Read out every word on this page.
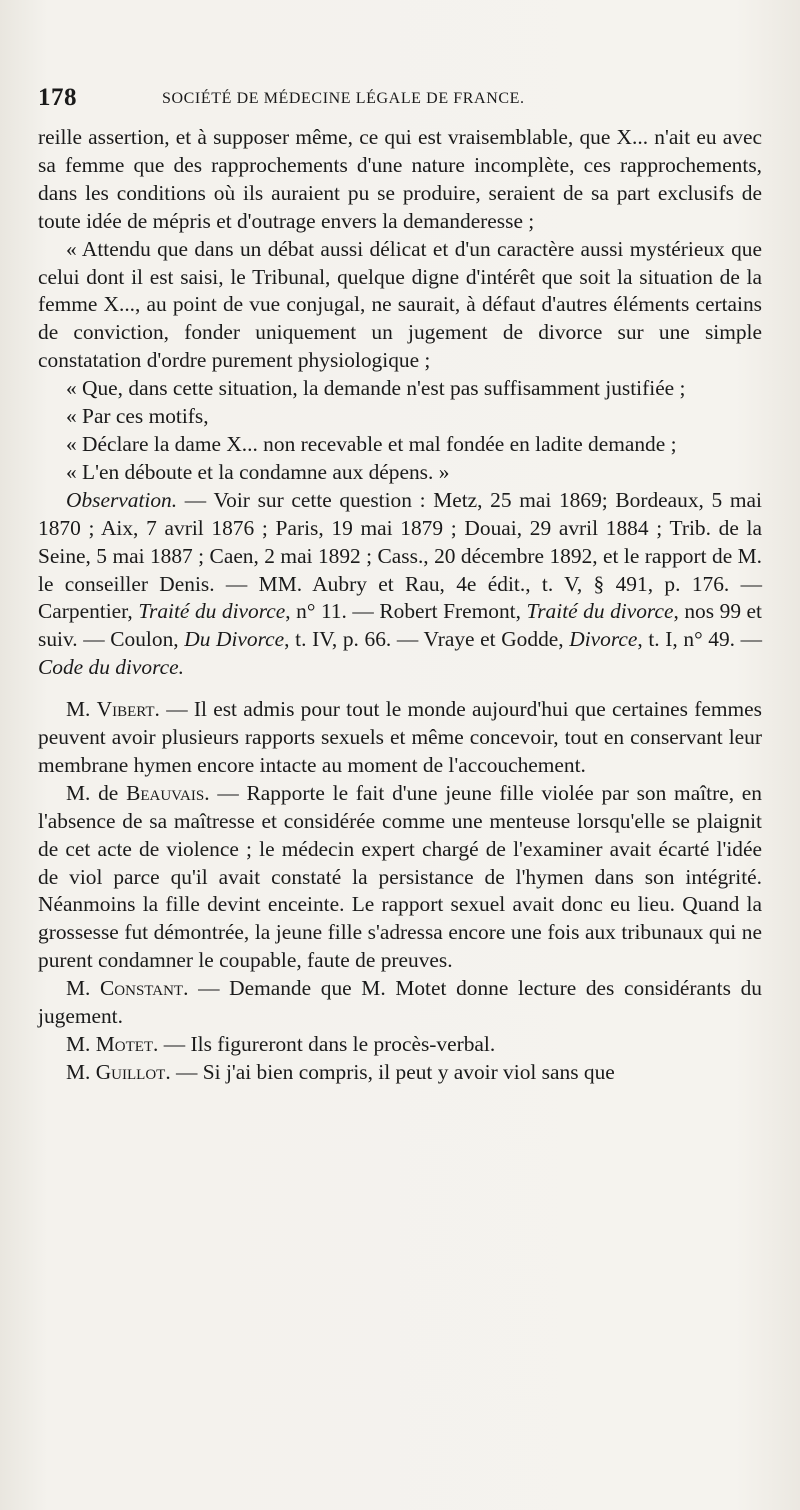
178	SOCIÉTÉ DE MÉDECINE LÉGALE DE FRANCE.

reille assertion, et à supposer même, ce qui est vraisemblable, que X... n'ait eu avec sa femme que des rapprochements d'une nature incomplète, ces rapprochements, dans les conditions où ils auraient pu se produire, seraient de sa part exclusifs de toute idée de mépris et d'outrage envers la demanderesse ;

« Attendu que dans un débat aussi délicat et d'un caractère aussi mystérieux que celui dont il est saisi, le Tribunal, quelque digne d'intérêt que soit la situation de la femme X..., au point de vue conjugal, ne saurait, à défaut d'autres éléments certains de conviction, fonder uniquement un jugement de divorce sur une simple constatation d'ordre purement physiologique ;

« Que, dans cette situation, la demande n'est pas suffisamment justifiée ;

« Par ces motifs,

« Déclare la dame X... non recevable et mal fondée en ladite demande ;

« L'en déboute et la condamne aux dépens. »

Observation. — Voir sur cette question : Metz, 25 mai 1869; Bordeaux, 5 mai 1870 ; Aix, 7 avril 1876 ; Paris, 19 mai 1879 ; Douai, 29 avril 1884 ; Trib. de la Seine, 5 mai 1887 ; Caen, 2 mai 1892 ; Cass., 20 décembre 1892, et le rapport de M. le conseiller Denis. — MM. Aubry et Rau, 4e édit., t. V, § 491, p. 176. — Carpentier, Traité du divorce, n° 11. — Robert Fremont, Traité du divorce, nos 99 et suiv. — Coulon, Du Divorce, t. IV, p. 66. — Vraye et Godde, Divorce, t. I, n° 49. — Code du divorce.

M. Vibert. — Il est admis pour tout le monde aujourd'hui que certaines femmes peuvent avoir plusieurs rapports sexuels et même concevoir, tout en conservant leur membrane hymen encore intacte au moment de l'accouchement.

M. de Beauvais. — Rapporte le fait d'une jeune fille violée par son maître, en l'absence de sa maîtresse et considérée comme une menteuse lorsqu'elle se plaignit de cet acte de violence ; le médecin expert chargé de l'examiner avait écarté l'idée de viol parce qu'il avait constaté la persistance de l'hymen dans son intégrité. Néanmoins la fille devint enceinte. Le rapport sexuel avait donc eu lieu. Quand la grossesse fut démontrée, la jeune fille s'adressa encore une fois aux tribunaux qui ne purent condamner le coupable, faute de preuves.

M. Constant. — Demande que M. Motet donne lecture des considérants du jugement.

M. Motet. — Ils figureront dans le procès-verbal.

M. Guillot. — Si j'ai bien compris, il peut y avoir viol sans que
